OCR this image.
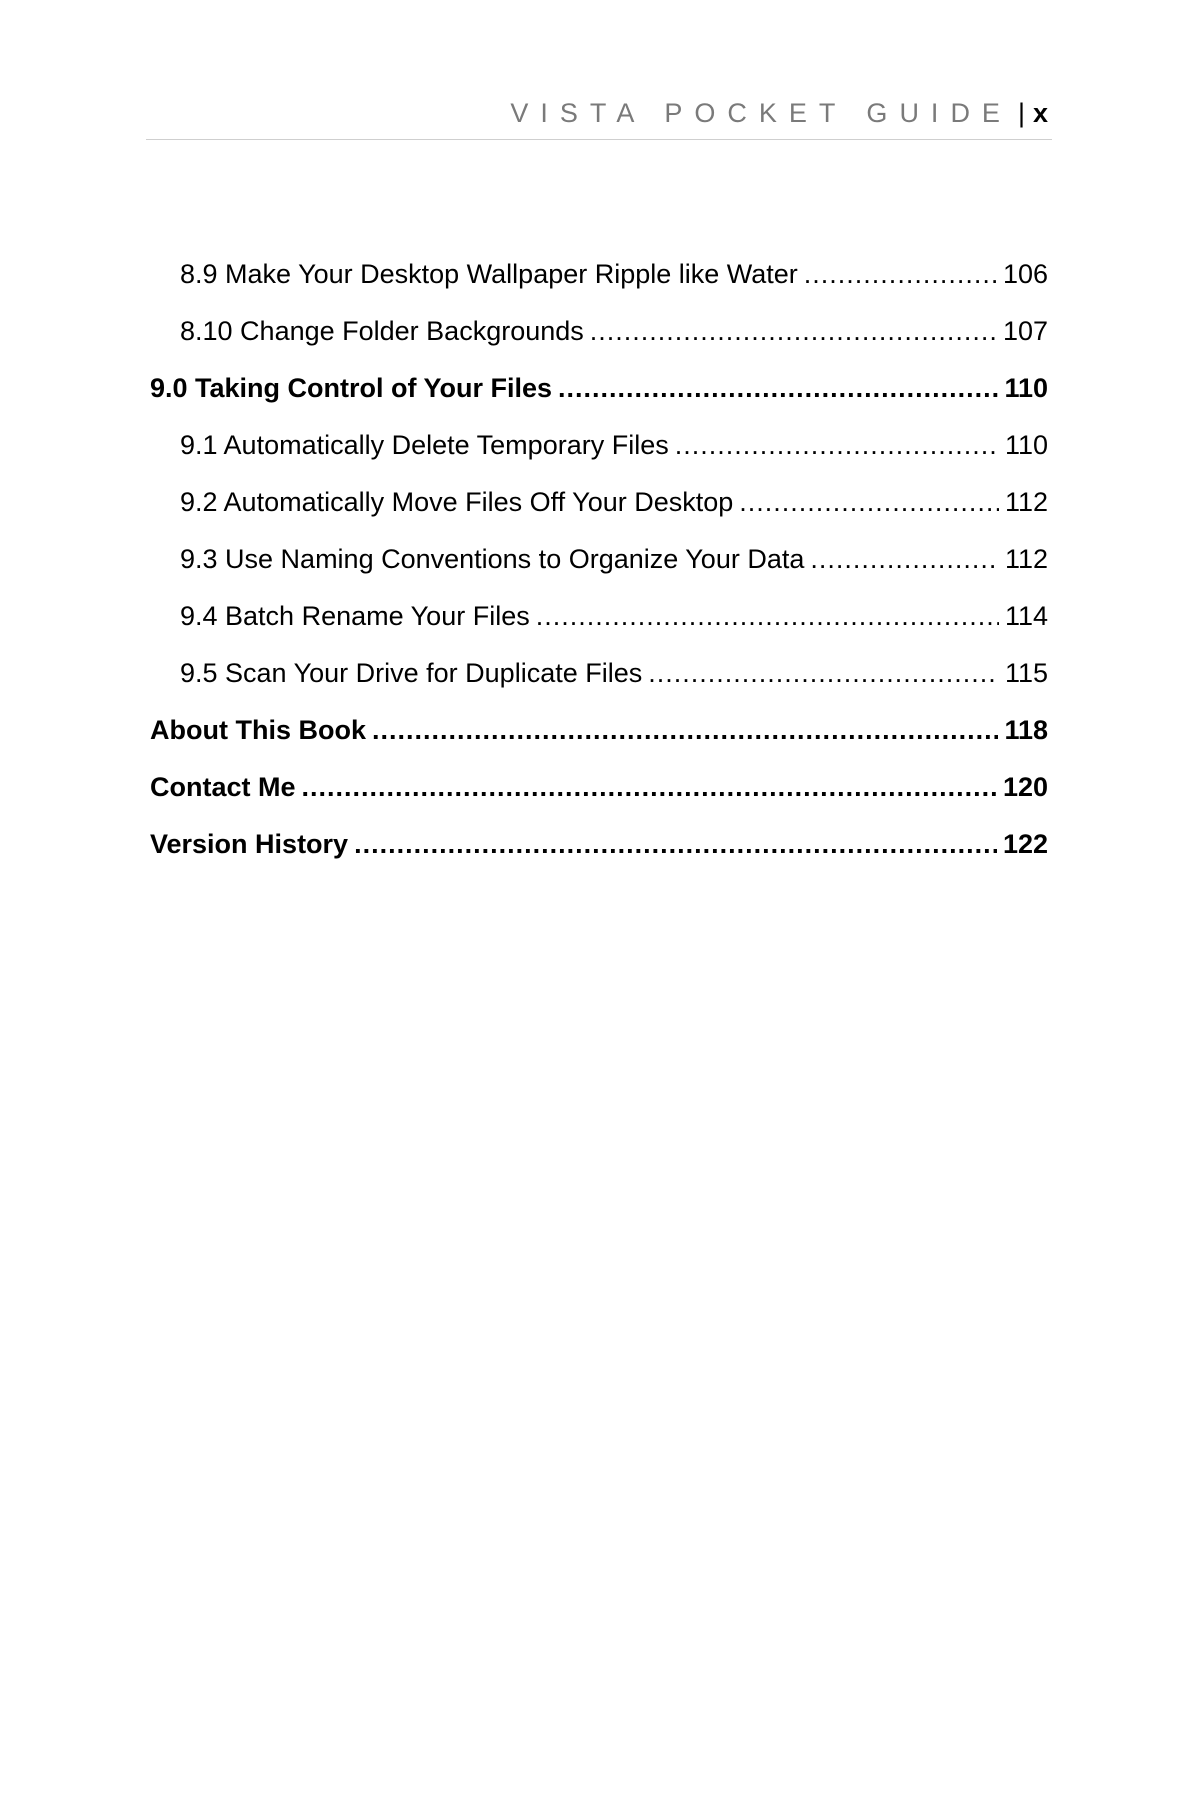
VISTA POCKET GUIDE | x
8.9 Make Your Desktop Wallpaper Ripple like Water .....	106
8.10 Change Folder Backgrounds .....	107
9.0 Taking Control of Your Files .....	110
9.1 Automatically Delete Temporary Files .....	110
9.2 Automatically Move Files Off Your Desktop .....	112
9.3 Use Naming Conventions to Organize Your Data .....	112
9.4 Batch Rename Your Files .....	114
9.5 Scan Your Drive for Duplicate Files .....	115
About This Book .....	118
Contact Me .....	120
Version History .....	122
